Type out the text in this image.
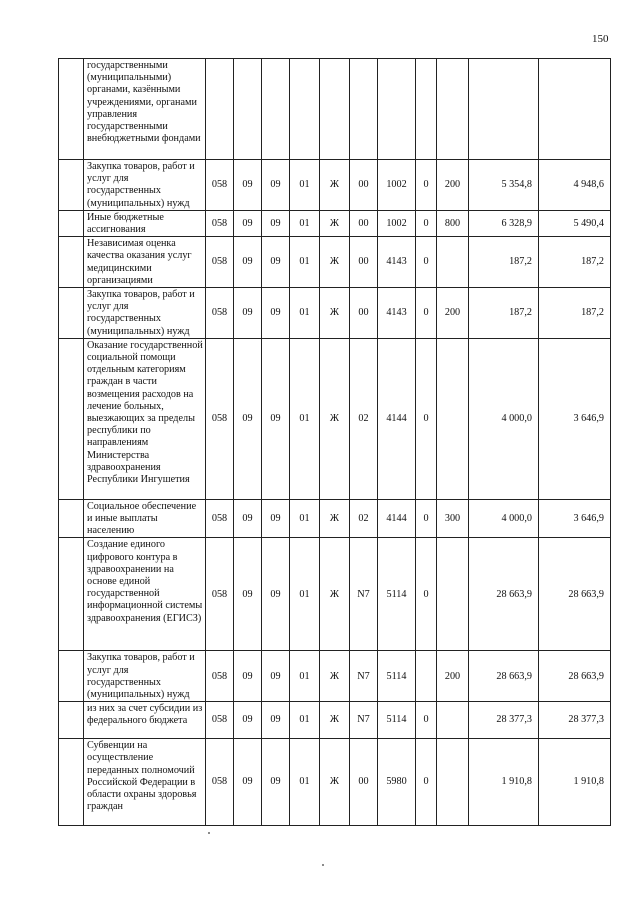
150
	государственными (муниципальными) органами, казёнными учреждениями, органами управления государственными внебюджетными фондами											
	Закупка товаров, работ и услуг для государственных (муниципальных) нужд	058	09	09	01	Ж	00	1002	0	200	5 354,8	4 948,6
	Иные бюджетные ассигнования	058	09	09	01	Ж	00	1002	0	800	6 328,9	5 490,4
	Независимая оценка качества оказания услуг медицинскими организациями	058	09	09	01	Ж	00	4143	0		187,2	187,2
	Закупка товаров, работ и услуг для государственных (муниципальных) нужд	058	09	09	01	Ж	00	4143	0	200	187,2	187,2
	Оказание государственной социальной помощи отдельным категориям граждан в части возмещения расходов на лечение больных, выезжающих за пределы республики по направлениям Министерства здравоохранения Республики Ингушетия	058	09	09	01	Ж	02	4144	0		4 000,0	3 646,9
	Социальное обеспечение и иные выплаты населению	058	09	09	01	Ж	02	4144	0	300	4 000,0	3 646,9
	Создание единого цифрового контура в здравоохранении на основе единой государственной информационной системы здравоохранения (ЕГИСЗ)	058	09	09	01	Ж	N7	5114	0		28 663,9	28 663,9
	Закупка товаров, работ и услуг для государственных (муниципальных) нужд	058	09	09	01	Ж	N7	5114		200	28 663,9	28 663,9
	из них за счет субсидии из федерального бюджета	058	09	09	01	Ж	N7	5114	0		28 377,3	28 377,3
	Субвенции на осуществление переданных полномочий Российской Федерации в области охраны здоровья граждан	058	09	09	01	Ж	00	5980	0		1 910,8	1 910,8
